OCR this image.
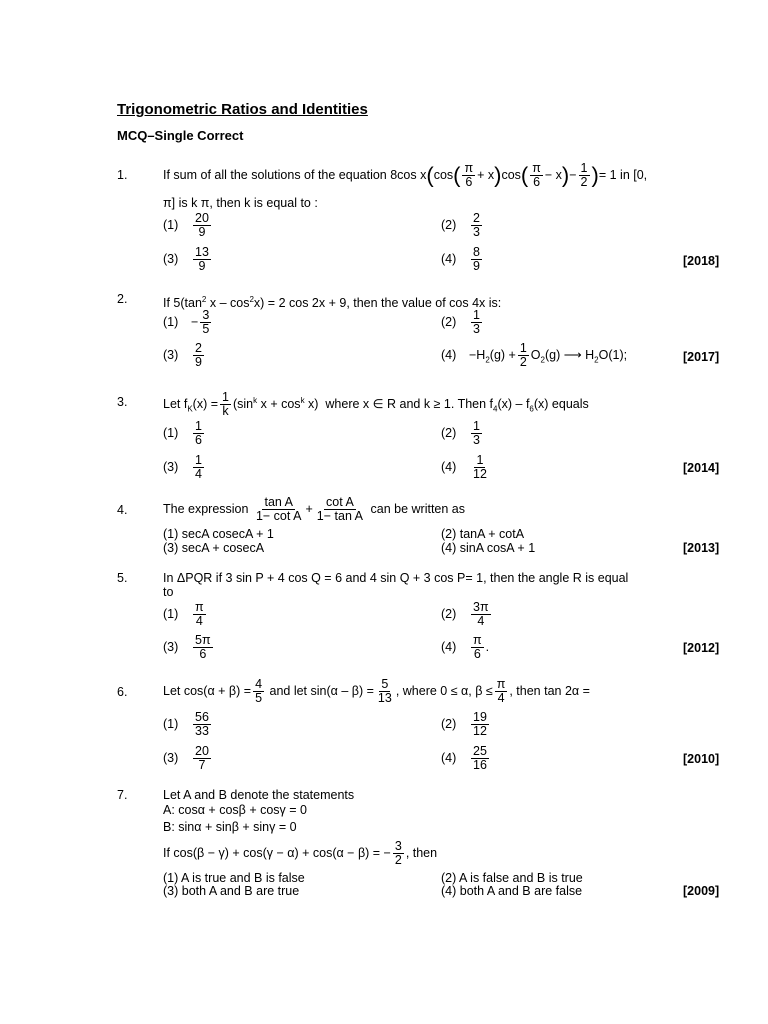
Trigonometric Ratios and Identities
MCQ–Single Correct
1.	If sum of all the solutions of the equation 8cos $x(\cos( \frac{\pi}{6} + x)\cos( \frac{\pi}{6} - x)- \frac{1}{2}$ )= 1 in [0,
π] is k π, then k is equal to :
$(1) \frac{20}{9}$	$(2) \frac{2}{3}$
$(3) \frac{13}{9}$	$(4) \frac{8}{9}$	[2018]
2.	If $5(\tan^2$ $x - \cos^2x) = 2$ cos 2x + 9, then the value of cos 4x is:
$(1) - \frac{3}{5}$	$(2) \frac{1}{3}$
$(3) \frac{2}{9}$	$(4) -H_2(g) + \frac{1}{2} O_2(g)$ ⟶ $H_2O(1)$;	[2017]
3.	Let $f_K(x) = \frac{1}{k} (\sin^k$ $x + \cos^k x$) where x ∈ R and k ≥ 1. Then $f_4(x) - f_6(x)$ equals
$(1) \frac{1}{6}$	$(2) \frac{1}{3}$
$(3) \frac{1}{4}$	$(4) \frac{1}{12}$	[2014]
4.	The expression $\frac{\text{tan A}}{\text{1− cot A}} + \frac{\text{cot A}}{\text{1− tan A}}$ can be written as
(1) secA cosecA + 1	(2) tanA + cotA
(3) secA + cosecA	(4) sinA cosA + 1	[2013]
5.	In ΔPQR if 3 sin P + 4 cos Q = 6 and 4 sin Q + 3 cos P= 1, then the angle R is equal
to
$(1) \frac{\pi}{4}$	$(2) \frac{3\pi}{4}$
$(3) \frac{5\pi}{6}$	$(4) \frac{\pi}{6}$ .	[2012]
6.	Let $\cos(\alpha + \beta) = \frac{4}{5}$ and let $\sin(\alpha - \beta) = \frac{5}{13}$ , where 0 ≤ α, $\beta \le \frac{\pi}{4}$ , then tan 2α =
$(1) \frac{56}{33}$	$(2) \frac{19}{12}$
$(3) \frac{20}{7}$	$(4) \frac{25}{16}$	[2010]
7.	Let A and B denote the statements
A: cosα + cosβ + cosγ = 0
B: sinα + sinβ + sinγ = 0
If cos(β − γ) + cos(γ − α) + cos(α − β) = − $\frac{3}{2}$ , then
(1) A is true and B is false	(2) A is false and B is true
(3) both A and B are true	(4) both A and B are false	[2009]
